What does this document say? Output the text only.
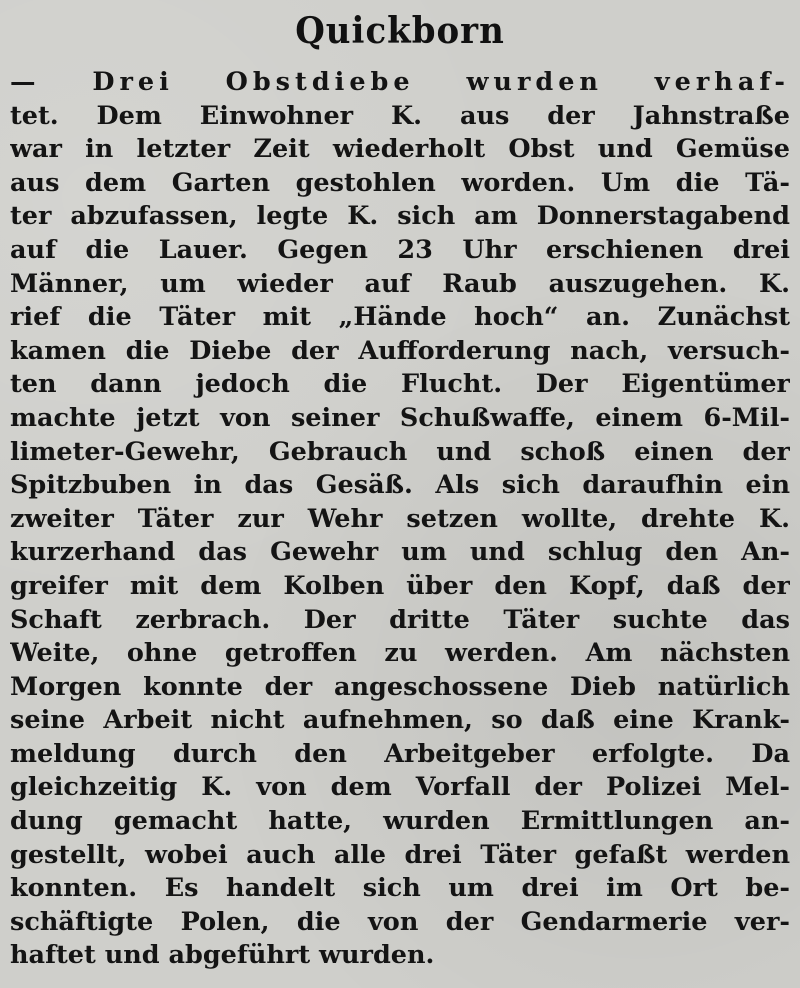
Quickborn
— Drei Obstdiebe wurden verhaf-
tet. Dem Einwohner K. aus der Jahnstraße
war in letzter Zeit wiederholt Obst und Gemüse
aus dem Garten gestohlen worden. Um die Tä-
ter abzufassen, legte K. sich am Donnerstagabend
auf die Lauer. Gegen 23 Uhr erschienen drei
Männer, um wieder auf Raub auszugehen. K.
rief die Täter mit „Hände hoch“ an. Zunächst
kamen die Diebe der Aufforderung nach, versuch-
ten dann jedoch die Flucht. Der Eigentümer
machte jetzt von seiner Schußwaffe, einem 6-Mil-
limeter-Gewehr, Gebrauch und schoß einen der
Spitzbuben in das Gesäß. Als sich daraufhin ein
zweiter Täter zur Wehr setzen wollte, drehte K.
kurzerhand das Gewehr um und schlug den An-
greifer mit dem Kolben über den Kopf, daß der
Schaft zerbrach. Der dritte Täter suchte das
Weite, ohne getroffen zu werden. Am nächsten
Morgen konnte der angeschossene Dieb natürlich
seine Arbeit nicht aufnehmen, so daß eine Krank-
meldung durch den Arbeitgeber erfolgte. Da
gleichzeitig K. von dem Vorfall der Polizei Mel-
dung gemacht hatte, wurden Ermittlungen an-
gestellt, wobei auch alle drei Täter gefaßt werden
konnten. Es handelt sich um drei im Ort be-
schäftigte Polen, die von der Gendarmerie ver-
haftet und abgeführt wurden.
